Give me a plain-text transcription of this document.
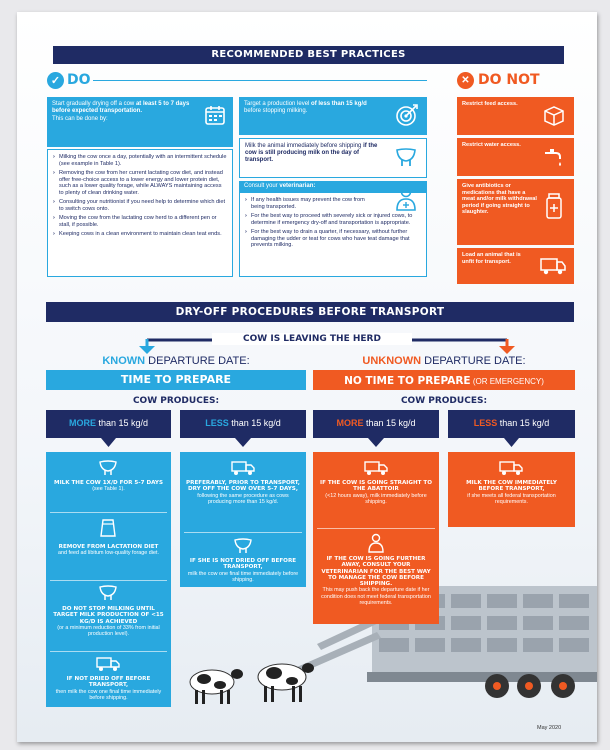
RECOMMENDED BEST PRACTICES
✓ DO
Start gradually drying off a cow at least 5 to 7 days before expected transportation.
This can be done by:
› Milking the cow once a day, potentially with an intermittent schedule (see example in Table 1).
› Removing the cow from her current lactating cow diet, and instead offer free-choice access to a lower energy and lower protein diet, such as a lower quality forage, while ALWAYS maintaining access to plenty of clean drinking water.
› Consulting your nutritionist if you need help to determine which diet to switch cows onto.
› Moving the cow from the lactating cow herd to a different pen or stall, if possible.
› Keeping cows in a clean environment to maintain clean teat ends.
Target a production level of less than 15 kg/d before stopping milking.
Milk the animal immediately before shipping if the cow is still producing milk on the day of transport.
Consult your veterinarian:
› If any health issues may prevent the cow from being transported.
› For the best way to proceed with severely sick or injured cows, to determine if emergency dry-off and transportation is appropriate.
› For the best way to drain a quarter, if necessary, without further damaging the udder or teat for cows who have teat damage that prevents milking.
✕ DO NOT
Restrict feed access.
Restrict water access.
Give antibiotics or medications that have a meat and/or milk withdrawal period if going straight to slaughter.
Load an animal that is unfit for transport.
DRY-OFF PROCEDURES BEFORE TRANSPORT
COW IS LEAVING THE HERD
KNOWN DEPARTURE DATE:
TIME TO PREPARE
COW PRODUCES:
UNKNOWN DEPARTURE DATE:
NO TIME TO PREPARE (OR EMERGENCY)
COW PRODUCES:
MORE than 15 kg/d	LESS than 15 kg/d	MORE than 15 kg/d	LESS than 15 kg/d
MILK THE COW 1X/D FOR 5-7 DAYS
(see Table 1).
REMOVE FROM LACTATION DIET
and feed ad libitum low-quality forage diet.
DO NOT STOP MILKING UNTIL TARGET MILK PRODUCTION OF <15 KG/D IS ACHIEVED
(or a minimum reduction of 33% from initial production level).
IF NOT DRIED OFF BEFORE TRANSPORT,
then milk the cow one final time immediately before shipping.
PREFERABLY, PRIOR TO TRANSPORT, DRY OFF THE COW OVER 5-7 DAYS,
following the same procedure as cows producing more than 15 kg/d.
IF SHE IS NOT DRIED OFF BEFORE TRANSPORT,
milk the cow one final time immediately before shipping.
IF THE COW IS GOING STRAIGHT TO THE ABATTOIR
(<12 hours away), milk immediately before shipping.
IF THE COW IS GOING FURTHER AWAY, CONSULT YOUR VETERINARIAN FOR THE BEST WAY TO MANAGE THE COW BEFORE SHIPPING.
This may push back the departure date if her condition does not meet federal transportation requirements.
MILK THE COW IMMEDIATELY BEFORE TRANSPORT,
if she meets all federal transportation requirements.
May 2020
